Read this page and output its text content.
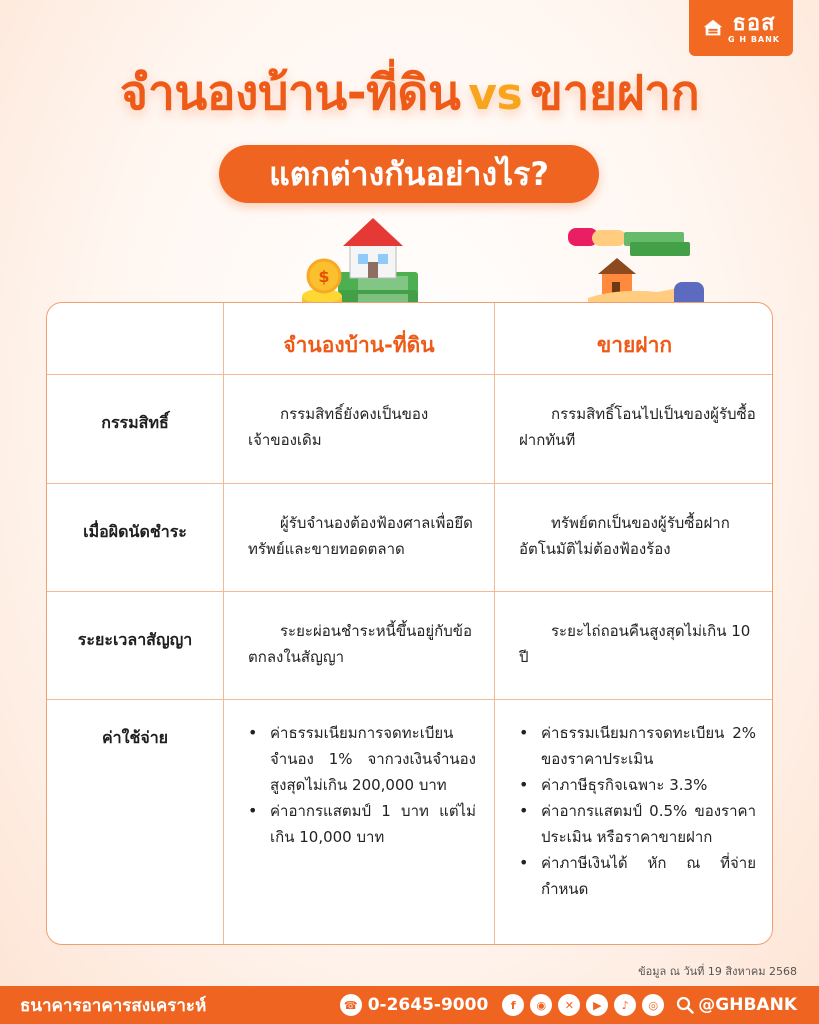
ธอส
G H BANK
จำนองบ้าน-ที่ดิน vs ขายฝาก
แตกต่างกันอย่างไร?
$
จำนองบ้าน-ที่ดิน	ขายฝาก
กรรมสิทธิ์	กรรมสิทธิ์ยังคงเป็นของเจ้าของเดิม
กรรมสิทธิ์โอนไปเป็นของผู้รับซื้อฝากทันที
เมื่อผิดนัดชำระ	ผู้รับจำนองต้องฟ้องศาลเพื่อยึดทรัพย์และขายทอดตลาด
ทรัพย์ตกเป็นของผู้รับซื้อฝากอัตโนมัติไม่ต้องฟ้องร้อง
ระยะเวลาสัญญา	ระยะผ่อนชำระหนี้ขึ้นอยู่กับข้อตกลงในสัญญา
ระยะไถ่ถอนคืนสูงสุดไม่เกิน 10 ปี
ค่าใช้จ่าย
•	ค่าธรรมเนียมการจดทะเบียนจำนอง 1% จากวงเงินจำนองสูงสุดไม่เกิน 200,000 บาท
• ค่าอากรแสตมป์ 1 บาท แต่ไม่เกิน 10,000 บาท
• ค่าธรรมเนียมการจดทะเบียน 2% ของราคาประเมิน
• ค่าภาษีธุรกิจเฉพาะ 3.3%
• ค่าอากรแสตมป์ 0.5% ของราคาประเมิน หรือราคาขายฝาก
• ค่าภาษีเงินได้ หัก ณ ที่จ่ายกำหนด
ข้อมูล ณ วันที่ 19 สิงหาคม 2568
ธนาคารอาคารสงเคราะห์	☎ 0-2645-9000	f	◉	✕	▶	♪	◎	@GHBANK
